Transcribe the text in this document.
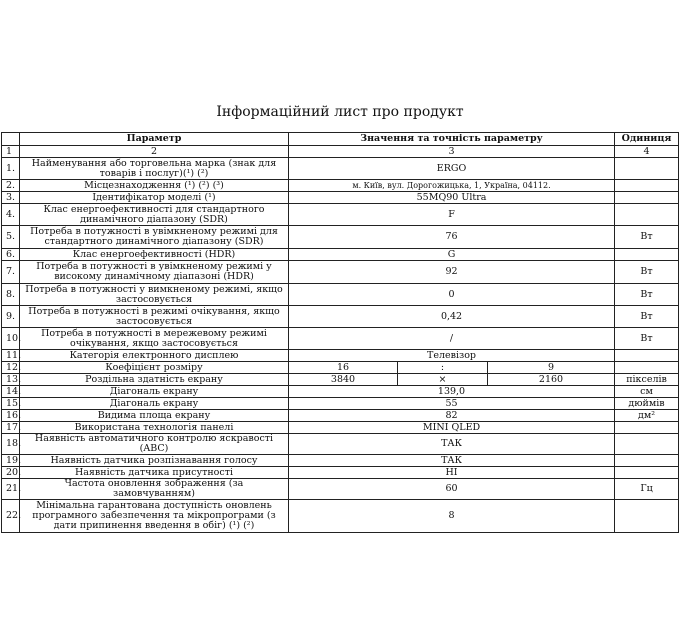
Інформаційний лист про продукт
	Параметр	Значення та точність параметру			Одиниця
1	2	3			4
1.	Найменування або торговельна марка (знак для товарів і послуг)(¹) (²)	ERGO			
2.	Місцезнаходження (¹) (²) (³)	м. Київ, вул. Дорогожицька, 1, Україна, 04112.			
3.	Ідентифікатор моделі (¹)	55MQ90 Ultra			
4.	Клас енергоефективності для стандартного динамічного діапазону (SDR)	F			
5.	Потреба в потужності в увімкненому режимі для стандартного динамічного діапазону (SDR)	76			Вт
6.	Клас енергоефективності (HDR)	G			
7.	Потреба в потужності в увімкненому режимі у високому динамічному діапазоні (HDR)	92			Вт
8.	Потреба в потужності у вимкненому режимі, якщо застосовується	0			Вт
9.	Потреба в потужності в режимі очікування, якщо застосовується	0,42			Вт
10.	Потреба в потужності в мережевому режимі очікування, якщо застосовується	/			Вт
11.	Категорія електронного дисплею	Телевізор			
12.	Коефіцієнт розміру	16	:	9	
13.	Роздільна здатність екрану	3840	×	2160	пікселів
14.	Діагональ екрану	139,0			см
15.	Діагональ екрану	55			дюймів
16.	Видима площа екрану	82			дм²
17.	Використана технологія панелі	MINI QLED			
18.	Наявність автоматичного контролю яскравості (ABC)	ТАК			
19.	Наявність датчика розпізнавання голосу	ТАК			
20.	Наявність датчика присутності	НІ			
21.	Частота оновлення зображення (за замовчуванням)	60			Гц
22.	Мінімальна гарантована доступність оновлень програмного забезпечення та мікропрограми (з дати припинення введення в обіг) (¹) (²)	8			
